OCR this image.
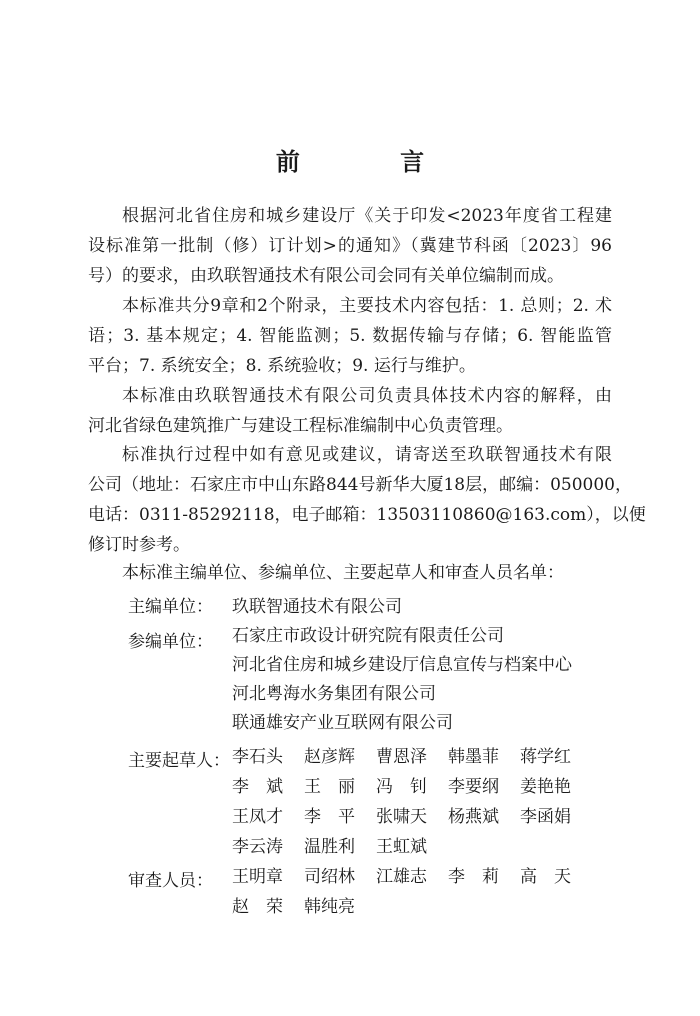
前 言
根据河北省住房和城乡建设厅《关于印发<2023年度省工程建
设标准第一批制（修）订计划>的通知》（冀建节科函〔2023〕96
号）的要求，由玖联智通技术有限公司会同有关单位编制而成。
本标准共分9章和2个附录，主要技术内容包括：1. 总则；2. 术
语；3. 基本规定；4. 智能监测；5. 数据传输与存储；6. 智能监管
平台；7. 系统安全；8. 系统验收；9. 运行与维护。
本标准由玖联智通技术有限公司负责具体技术内容的解释，由
河北省绿色建筑推广与建设工程标准编制中心负责管理。
标准执行过程中如有意见或建议，请寄送至玖联智通技术有限
公司（地址：石家庄市中山东路844号新华大厦18层，邮编：050000，
电话：0311-85292118，电子邮箱：13503110860@163.com），以便
修订时参考。
本标准主编单位、参编单位、主要起草人和审查人员名单：
主编单位： 玖联智通技术有限公司
参编单位： 石家庄市政设计研究院有限责任公司
河北省住房和城乡建设厅信息宣传与档案中心
河北粤海水务集团有限公司
联通雄安产业互联网有限公司
主要起草人： 李石头 赵彦辉 曹恩泽 韩墨菲 蒋学红
李　斌 王　丽 冯　钊 李要纲 姜艳艳
王凤才 李　平 张啸天 杨燕斌 李函娟
李云涛 温胜利 王虹斌
审查人员： 王明章 司绍林 江雄志 李　莉 高　天
赵　荣 韩纯亮
